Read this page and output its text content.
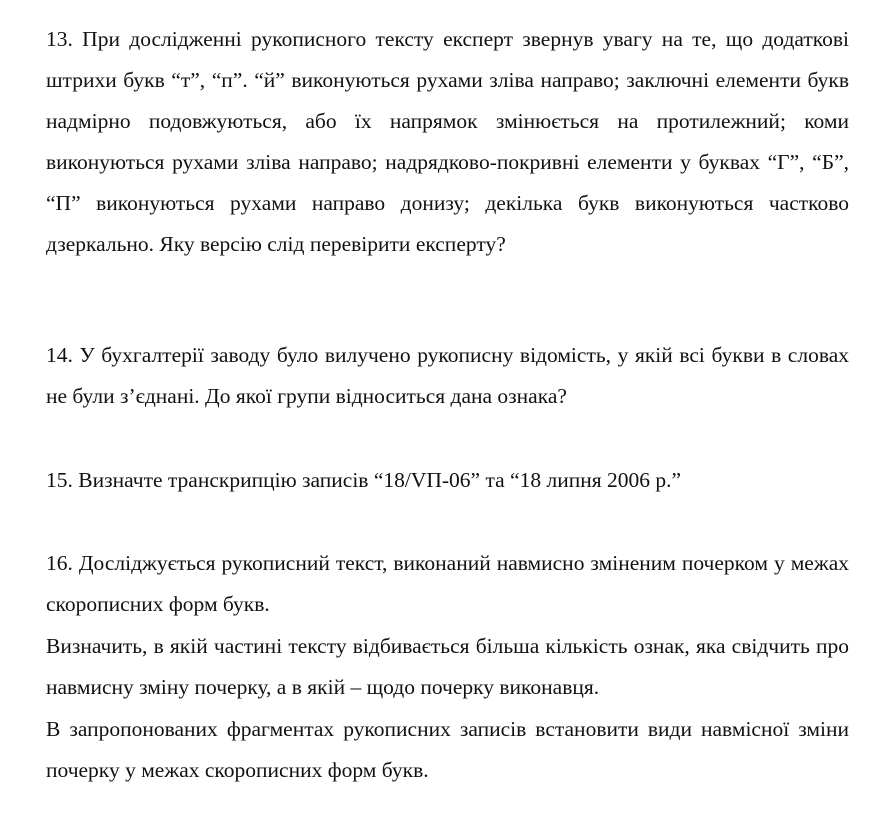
13. При дослідженні рукописного тексту експерт звернув увагу на те, що додаткові штрихи букв “т”, “п”. “й” виконуються рухами зліва направо; заключні елементи букв надмірно подовжуються, або їх напрямок змінюється на протилежний; коми виконуються рухами зліва направо; надрядково-покривні елементи у буквах “Г”, “Б”, “П” виконуються рухами направо донизу; декілька букв виконуються частково дзеркально. Яку версію слід перевірити експерту?

14. У бухгалтерії заводу було вилучено рукописну відомість, у якій всі букви в словах не були з’єднані. До якої групи відноситься дана ознака?

15. Визначте транскрипцію записів “18/VП-06” та “18 липня 2006 р.”

16. Досліджується рукописний текст, виконаний навмисно зміненим почерком у межах скорописних форм букв.

Визначить, в якій частині тексту відбивається більша кількість ознак, яка свідчить про навмисну зміну почерку, а в якій – щодо почерку виконавця.

В запропонованих фрагментах рукописних записів встановити види навмісної зміни почерку у межах скорописних форм букв.
